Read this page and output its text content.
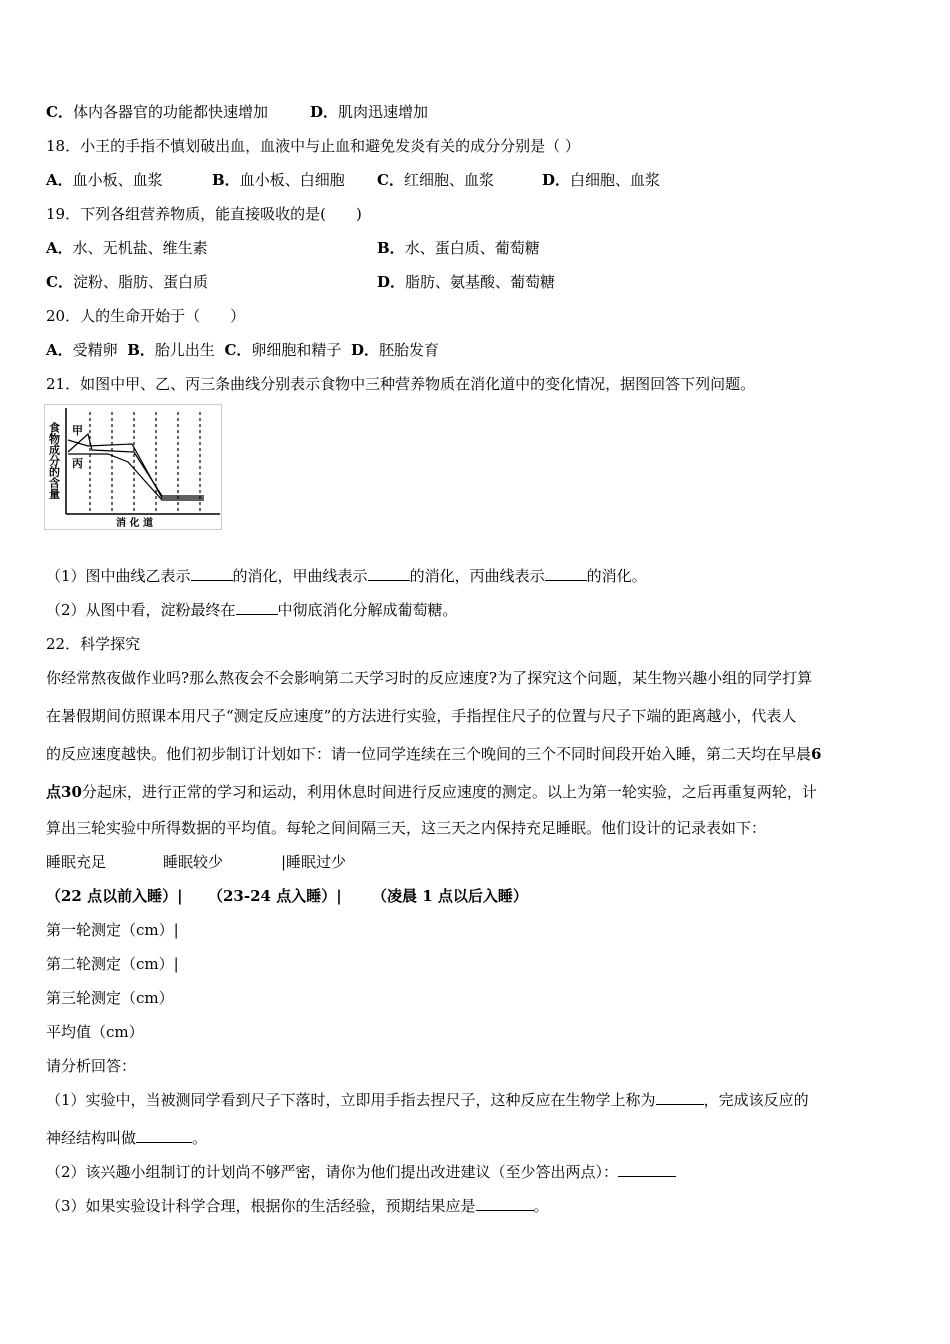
C．体内各器官的功能都快速增加	D．肌肉迅速增加
18．小王的手指不慎划破出血，血液中与止血和避免发炎有关的成分分别是（ ）
A．血小板、血浆	B．血小板、白细胞 C．红细胞、血浆	D．白细胞、血浆
19．下列各组营养物质，能直接吸收的是(　　)
A．水、无机盐、维生素	B．水、蛋白质、葡萄糖
C．淀粉、脂肪、蛋白质	D．脂肪、氨基酸、葡萄糖
20．人的生命开始于（　　）
A．受精卵 B．胎儿出生 C．卵细胞和精子 D．胚胎发育
21．如图中甲、乙、丙三条曲线分别表示食物中三种营养物质在消化道中的变化情况，据图回答下列问题。
食物成分的含量 甲
丙
消 化 道
（1）图中曲线乙表示	的消化，甲曲线表示	的消化，丙曲线表示	的消化。
（2）从图中看，淀粉最终在	中彻底消化分解成葡萄糖。
22．科学探究
你经常熬夜做作业吗?那么熬夜会不会影响第二天学习时的反应速度?为了探究这个问题，某生物兴趣小组的同学打算
在暑假期间仿照课本用尺子“测定反应速度”的方法进行实验，手指捏住尺子的位置与尺子下端的距离越小，代表人
的反应速度越快。他们初步制订计划如下：请一位同学连续在三个晚间的三个不同时间段开始入睡，第二天均在早晨6
点30分起床，进行正常的学习和运动，利用休息时间进行反应速度的测定。以上为第一轮实验，之后再重复两轮，计
算出三轮实验中所得数据的平均值。每轮之间间隔三天，这三天之内保持充足睡眠。他们设计的记录表如下：
睡眠充足	睡眠较少	|睡眠过少
（22 点以前入睡）| （23-24 点入睡）| （凌晨 1 点以后入睡）
第一轮测定（cm）|
第二轮测定（cm）|
第三轮测定（cm）
平均值（cm）
请分析回答：
（1）实验中，当被测同学看到尺子下落时，立即用手指去捏尺子，这种反应在生物学上称为	，完成该反应的
神经结构叫做	。
（2）该兴趣小组制订的计划尚不够严密，请你为他们提出改进建议（至少答出两点）：
（3）如果实验设计科学合理，根据你的生活经验，预期结果应是	。
